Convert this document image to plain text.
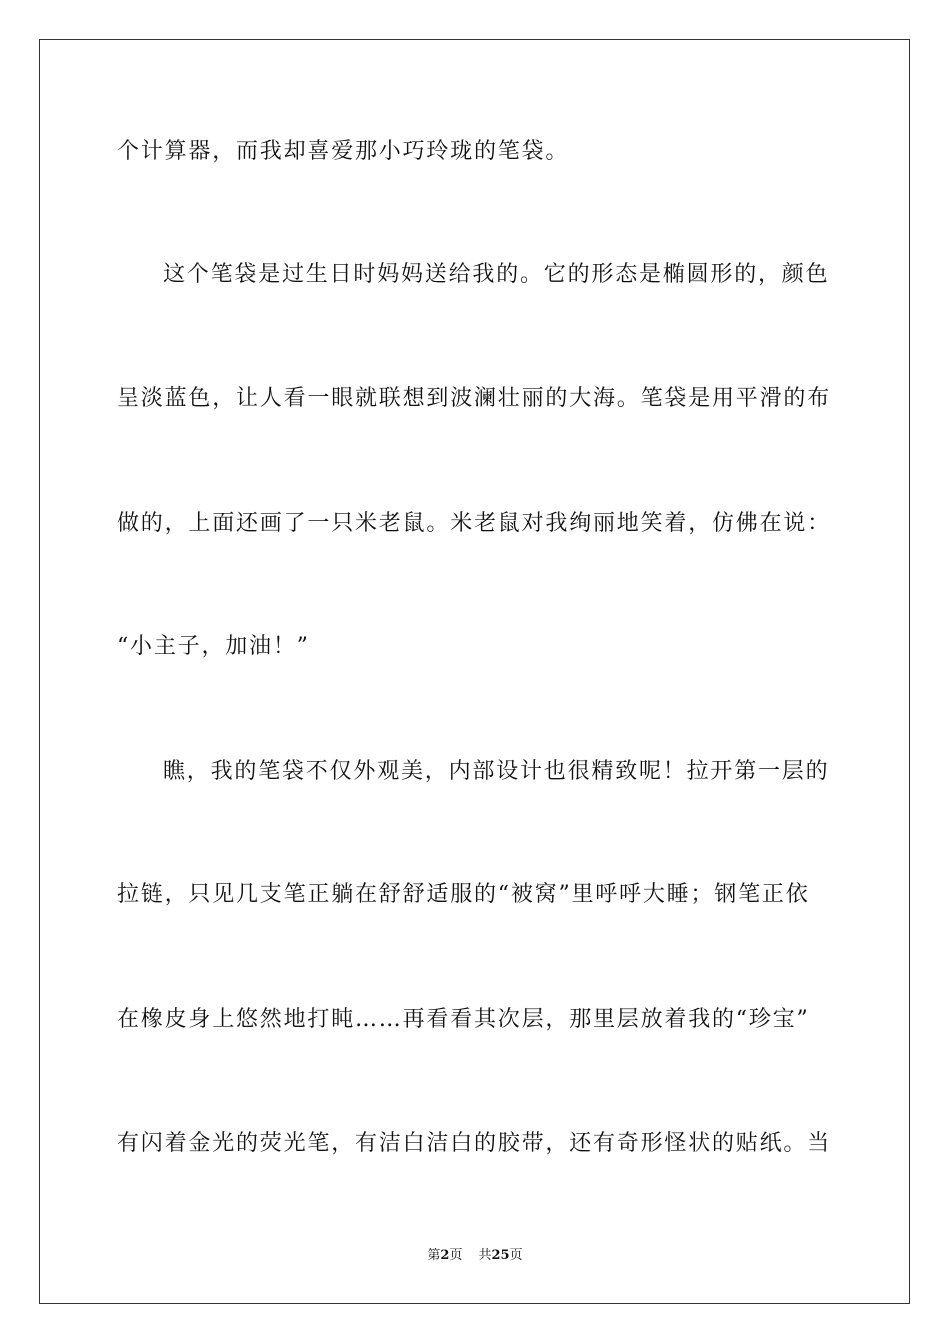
个计算器，而我却喜爱那小巧玲珑的笔袋。
这个笔袋是过生日时妈妈送给我的。它的形态是椭圆形的，颜色
呈淡蓝色，让人看一眼就联想到波澜壮丽的大海。笔袋是用平滑的布
做的，上面还画了一只米老鼠。米老鼠对我绚丽地笑着，仿佛在说：
“小主子，加油！”
瞧，我的笔袋不仅外观美，内部设计也很精致呢！拉开第一层的
拉链，只见几支笔正躺在舒舒适服的“被窝”里呼呼大睡；钢笔正依
在橡皮身上悠然地打盹……再看看其次层，那里层放着我的“珍宝”
有闪着金光的荧光笔，有洁白洁白的胶带，还有奇形怪状的贴纸。当
第2页 共25页
